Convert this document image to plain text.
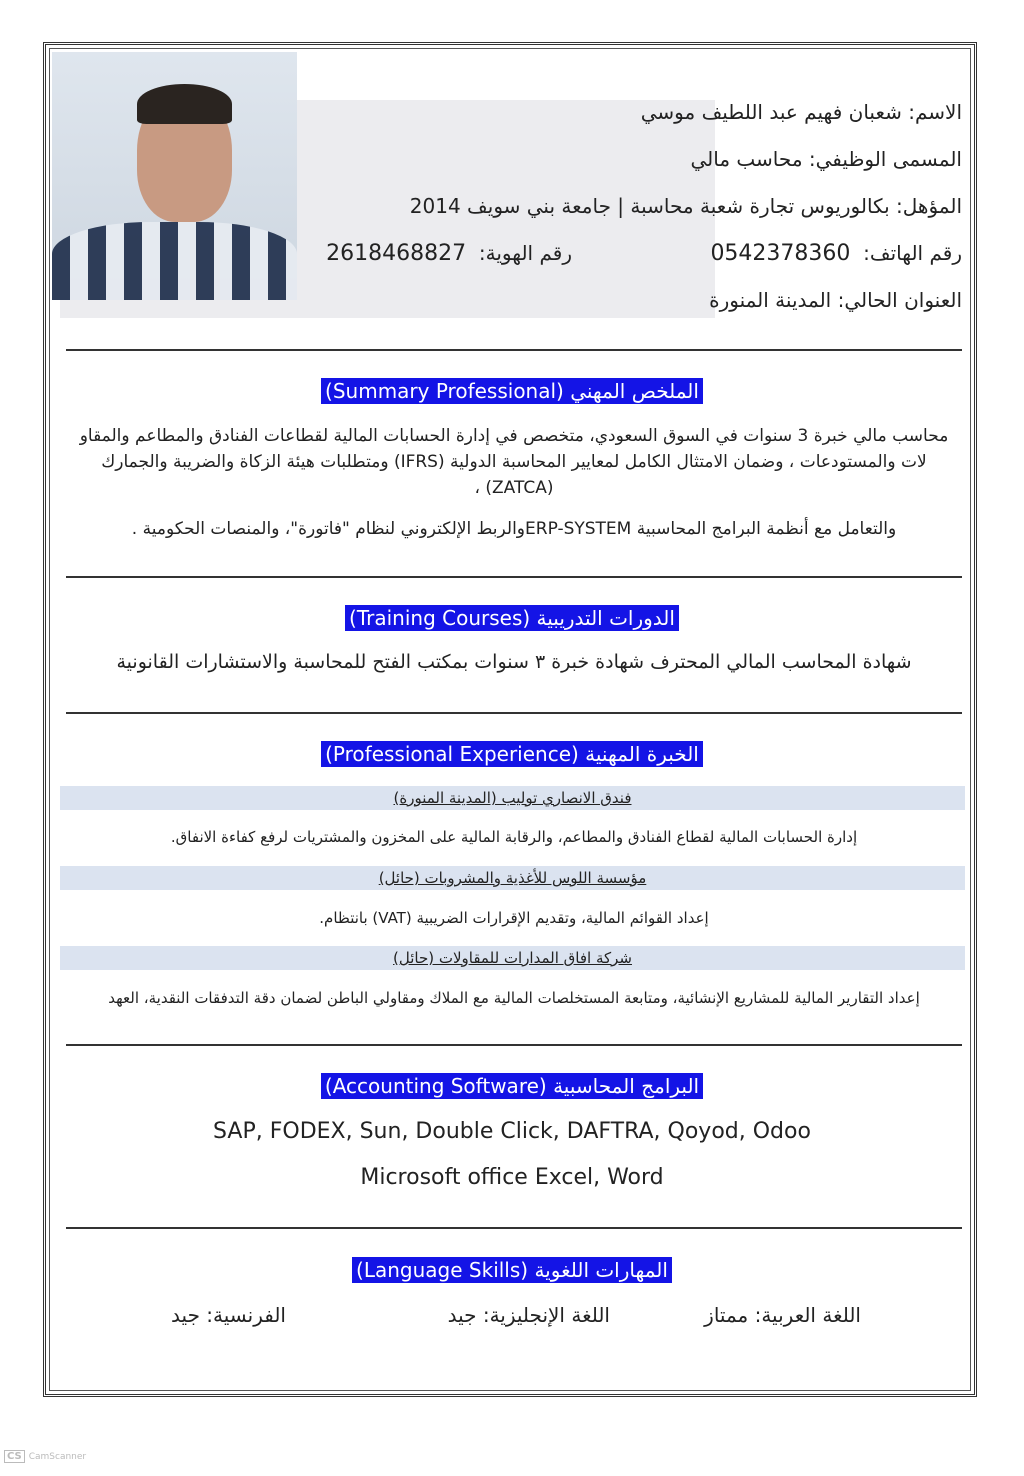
الاسم: شعبان فهيم عبد اللطيف موسي
المسمى الوظيفي: محاسب مالي
المؤهل: بكالوريوس تجارة شعبة محاسبة | جامعة بني سويف 2014
رقم الهاتف:  0542378360
رقم الهوية:  2618468827
العنوان الحالي: المدينة المنورة
الملخص المهني (Summary Professional)
محاسب مالي خبرة 3 سنوات في السوق السعودي، متخصص في إدارة الحسابات المالية لقطاعات الفنادق والمطاعم والمقاو
لات والمستودعات ، وضمان الامتثال الكامل لمعايير المحاسبة الدولية (IFRS) ومتطلبات هيئة الزكاة والضريبة والجمارك
(ZATCA) ،
والتعامل مع أنظمة البرامج المحاسبية ERP-SYSTEMوالربط الإلكتروني لنظام "فاتورة"، والمنصات الحكومية .
الدورات التدريبية (Training Courses)
شهادة المحاسب المالي المحترف شهادة خبرة ٣ سنوات بمكتب الفتح للمحاسبة والاستشارات القانونية
الخبرة المهنية (Professional Experience)
فندق الانصاري توليب (المدينة المنورة)
إدارة الحسابات المالية لقطاع الفنادق والمطاعم، والرقابة المالية على المخزون والمشتريات لرفع كفاءة الانفاق.
مؤسسة اللوس للأغذية والمشروبات (حائل)
إعداد القوائم المالية، وتقديم الإقرارات الضريبية (VAT) بانتظام.
شركة افاق المدارات للمقاولات (حائل)
إعداد التقارير المالية للمشاريع الإنشائية، ومتابعة المستخلصات المالية مع الملاك ومقاولي الباطن لضمان دقة التدفقات النقدية، العهد
البرامج المحاسبية (Accounting Software)
SAP, FODEX, Sun, Double Click, DAFTRA, Qoyod, Odoo
Microsoft office Excel, Word
المهارات اللغوية (Language Skills)
اللغة العربية: ممتاز
اللغة الإنجليزية: جيد
الفرنسية: جيد
CS CamScanner
